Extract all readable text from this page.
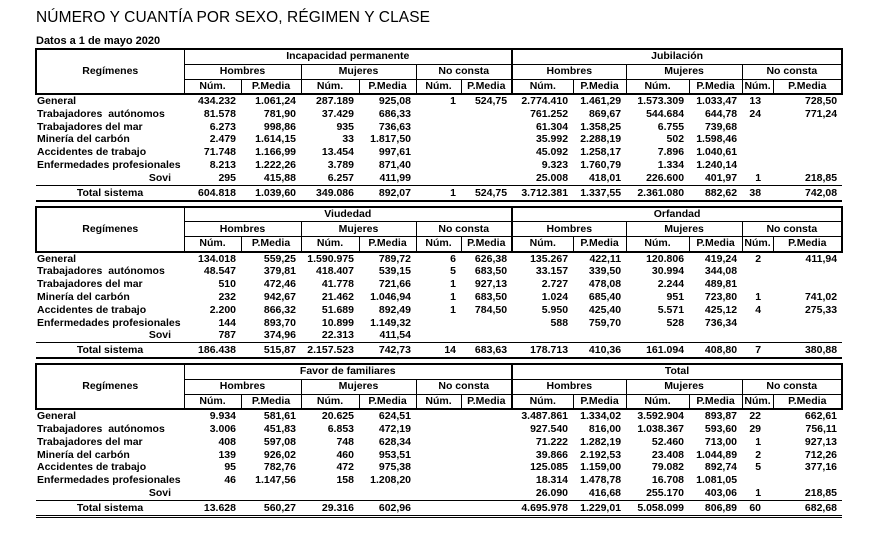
NÚMERO Y CUANTÍA POR SEXO, RÉGIMEN Y CLASE
Datos a 1 de mayo 2020
Regímenes	Incapacidad permanente						Jubilación					
	Hombres		Mujeres		No consta		Hombres		Mujeres		No consta	
	Núm.	P.Media	Núm.	P.Media	Núm.	P.Media	Núm.	P.Media	Núm.	P.Media	Núm.	P.Media
General	434.232	1.061,24	287.189	925,08	1	524,75	2.774.410	1.461,29	1.573.309	1.033,47	13	728,50
Trabajadores  autónomos	81.578	781,90	37.429	686,33			761.252	869,67	544.684	644,78	24	771,24
Trabajadores del mar	6.273	998,86	935	736,63			61.304	1.358,25	6.755	739,68		
Minería del carbón	2.479	1.614,15	33	1.817,50			35.992	2.288,19	502	1.598,46		
Accidentes de trabajo	71.748	1.166,99	13.454	997,61			45.092	1.258,17	7.896	1.040,61		
Enfermedades profesionales	8.213	1.222,26	3.789	871,40			9.323	1.760,79	1.334	1.240,14		
Sovi	295	415,88	6.257	411,99			25.008	418,01	226.600	401,97	1	218,85
Total sistema	604.818	1.039,60	349.086	892,07	1	524,75	3.712.381	1.337,55	2.361.080	882,62	38	742,08
Regímenes	Viudedad						Orfandad					
	Hombres		Mujeres		No consta		Hombres		Mujeres		No consta	
	Núm.	P.Media	Núm.	P.Media	Núm.	P.Media	Núm.	P.Media	Núm.	P.Media	Núm.	P.Media
General	134.018	559,25	1.590.975	789,72	6	626,38	135.267	422,11	120.806	419,24	2	411,94
Trabajadores  autónomos	48.547	379,81	418.407	539,15	5	683,50	33.157	339,50	30.994	344,08		
Trabajadores del mar	510	472,46	41.778	721,66	1	927,13	2.727	478,08	2.244	489,81		
Minería del carbón	232	942,67	21.462	1.046,94	1	683,50	1.024	685,40	951	723,80	1	741,02
Accidentes de trabajo	2.200	866,32	51.689	892,49	1	784,50	5.950	425,40	5.571	425,12	4	275,33
Enfermedades profesionales	144	893,70	10.899	1.149,32			588	759,70	528	736,34		
Sovi	787	374,96	22.313	411,54								
Total sistema	186.438	515,87	2.157.523	742,73	14	683,63	178.713	410,36	161.094	408,80	7	380,88
Regímenes	Favor de familiares						Total					
	Hombres		Mujeres		No consta		Hombres		Mujeres		No consta	
	Núm.	P.Media	Núm.	P.Media	Núm.	P.Media	Núm.	P.Media	Núm.	P.Media	Núm.	P.Media
General	9.934	581,61	20.625	624,51			3.487.861	1.334,02	3.592.904	893,87	22	662,61
Trabajadores  autónomos	3.006	451,83	6.853	472,19			927.540	816,00	1.038.367	593,60	29	756,11
Trabajadores del mar	408	597,08	748	628,34			71.222	1.282,19	52.460	713,00	1	927,13
Minería del carbón	139	926,02	460	953,51			39.866	2.192,53	23.408	1.044,89	2	712,26
Accidentes de trabajo	95	782,76	472	975,38			125.085	1.159,00	79.082	892,74	5	377,16
Enfermedades profesionales	46	1.147,56	158	1.208,20			18.314	1.478,78	16.708	1.081,05		
Sovi							26.090	416,68	255.170	403,06	1	218,85
Total sistema	13.628	560,27	29.316	602,96			4.695.978	1.229,01	5.058.099	806,89	60	682,68
